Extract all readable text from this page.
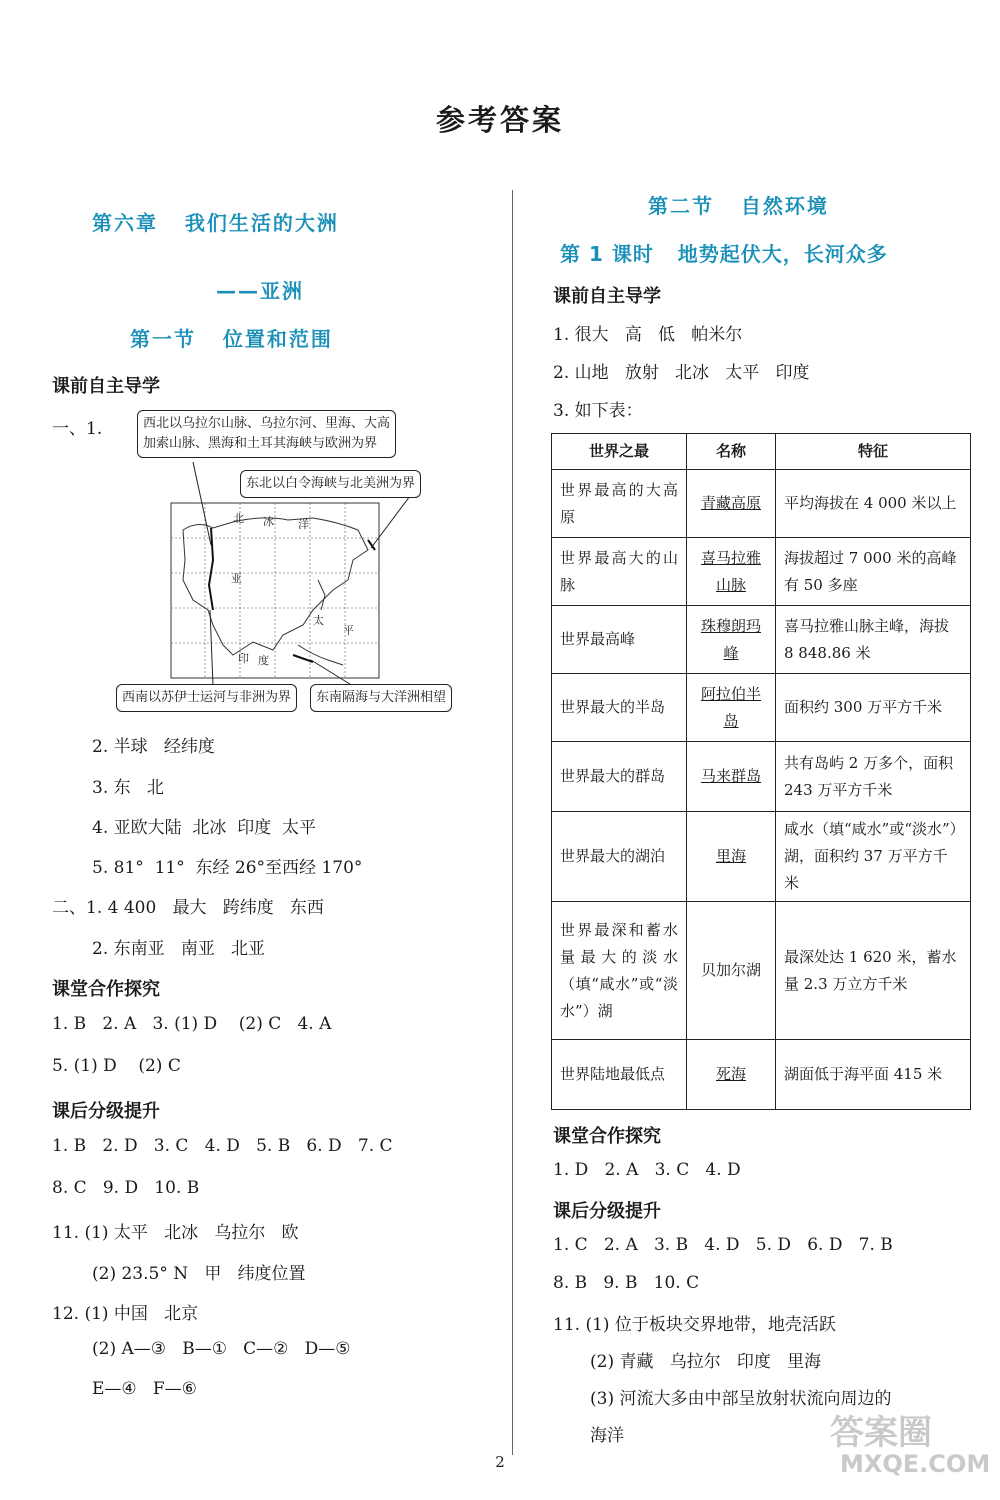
参考答案
第六章   我们生活的大洲
——亚洲
第一节   位置和范围
课前自主导学
一、1.	西北以乌拉尔山脉、乌拉尔河、里海、大高
加索山脉、黑海和土耳其海峡与欧洲为界
东北以白令海峡与北美洲为界
西南以苏伊士运河与非洲为界	东南隔海与大洋洲相望
北 冰 洋
亚
太
平
印 度
2. 半球   经纬度
3. 东   北
4. 亚欧大陆  北冰  印度  太平
5. 81°  11°  东经 26°至西经 170°
二、1. 4 400   最大   跨纬度   东西
2. 东南亚   南亚   北亚
课堂合作探究
1. B   2. A   3. (1) D    (2) C   4. A
5. (1) D    (2) C
课后分级提升
1. B   2. D   3. C   4. D   5. B   6. D   7. C
8. C   9. D   10. B
11. (1) 太平   北冰   乌拉尔   欧
(2) 23.5° N   甲   纬度位置
12. (1) 中国   北京
(2) A—③   B—①   C—②   D—⑤
E—④   F—⑥
第二节   自然环境
第 1 课时   地势起伏大，长河众多
课前自主导学
1. 很大   高   低   帕米尔
2. 山地   放射   北冰   太平   印度
3. 如下表：
世界之最	名称	特征
世界最高的大高原	青藏高原	平均海拔在 4 000 米以上
世界最高大的山脉	喜马拉雅山脉	海拔超过 7 000 米的高峰有 50 多座
世界最高峰	珠穆朗玛峰	喜马拉雅山脉主峰，海拔 8 848.86 米
世界最大的半岛	阿拉伯半岛	面积约 300 万平方千米
世界最大的群岛	马来群岛	共有岛屿 2 万多个，面积 243 万平方千米
世界最大的湖泊	里海	咸水（填“咸水”或“淡水”）湖，面积约 37 万平方千米
世界最深和蓄水量最大的淡水（填“咸水”或“淡水”）湖	贝加尔湖	最深处达 1 620 米，蓄水量 2.3 万立方千米
世界陆地最低点	死海	湖面低于海平面 415 米
课堂合作探究
1. D   2. A   3. C   4. D
课后分级提升
1. C   2. A   3. B   4. D   5. D   6. D   7. B
8. B   9. B   10. C
11. (1) 位于板块交界地带，地壳活跃
(2) 青藏   乌拉尔   印度   里海
(3) 河流大多由中部呈放射状流向周边的
海洋
2
答案圈
MXQE.COM
